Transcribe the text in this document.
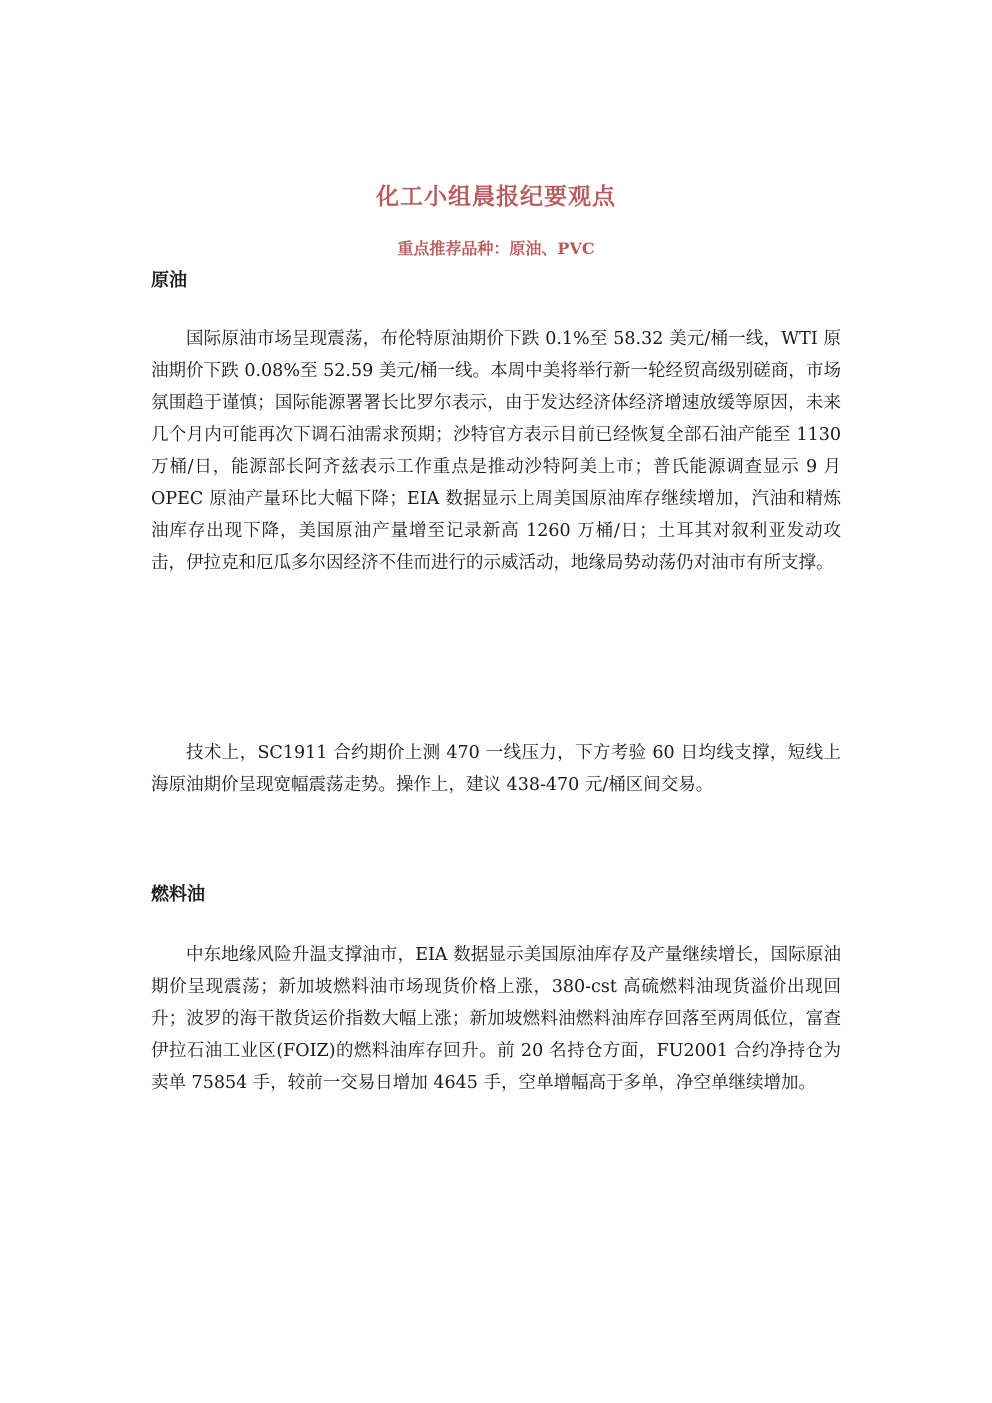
化工小组晨报纪要观点
重点推荐品种：原油、PVC
原油

国际原油市场呈现震荡，布伦特原油期价下跌 0.1%至 58.32 美元/桶一线，WTI 原油期价下跌 0.08%至 52.59 美元/桶一线。本周中美将举行新一轮经贸高级别磋商，市场氛围趋于谨慎；国际能源署署长比罗尔表示，由于发达经济体经济增速放缓等原因，未来几个月内可能再次下调石油需求预期；沙特官方表示目前已经恢复全部石油产能至 1130 万桶/日，能源部长阿齐兹表示工作重点是推动沙特阿美上市；普氏能源调查显示 9 月 OPEC 原油产量环比大幅下降；EIA 数据显示上周美国原油库存继续增加，汽油和精炼油库存出现下降，美国原油产量增至记录新高 1260 万桶/日；土耳其对叙利亚发动攻击，伊拉克和厄瓜多尔因经济不佳而进行的示威活动，地缘局势动荡仍对油市有所支撑。

技术上，SC1911 合约期价上测 470 一线压力，下方考验 60 日均线支撑，短线上海原油期价呈现宽幅震荡走势。操作上，建议 438-470 元/桶区间交易。

燃料油

中东地缘风险升温支撑油市，EIA 数据显示美国原油库存及产量继续增长，国际原油期价呈现震荡；新加坡燃料油市场现货价格上涨，380-cst 高硫燃料油现货溢价出现回升；波罗的海干散货运价指数大幅上涨；新加坡燃料油燃料油库存回落至两周低位，富查伊拉石油工业区(FOIZ)的燃料油库存回升。前 20 名持仓方面，FU2001 合约净持仓为卖单 75854 手，较前一交易日增加 4645 手，空单增幅高于多单，净空单继续增加。
